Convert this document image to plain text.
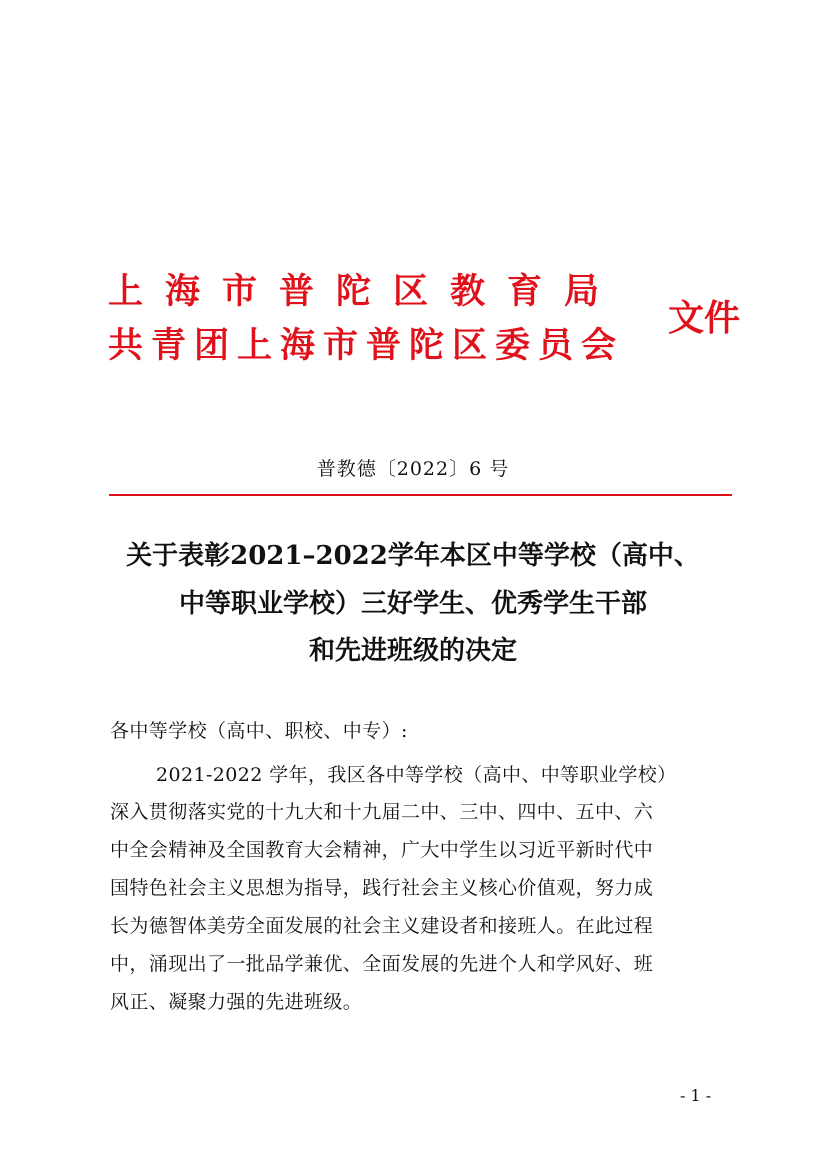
上海市普陀区教育局
共青团上海市普陀区委员会
文件
普教德〔2022〕6 号
关于表彰2021–2022学年本区中等学校（高中、
中等职业学校）三好学生、优秀学生干部
和先进班级的决定
各中等学校（高中、职校、中专）:
2021-2022 学年，我区各中等学校（高中、中等职业学校）
深入贯彻落实党的十九大和十九届二中、三中、四中、五中、六
中全会精神及全国教育大会精神，广大中学生以习近平新时代中
国特色社会主义思想为指导，践行社会主义核心价值观，努力成
长为德智体美劳全面发展的社会主义建设者和接班人。在此过程
中，涌现出了一批品学兼优、全面发展的先进个人和学风好、班
风正、凝聚力强的先进班级。
- 1 -
